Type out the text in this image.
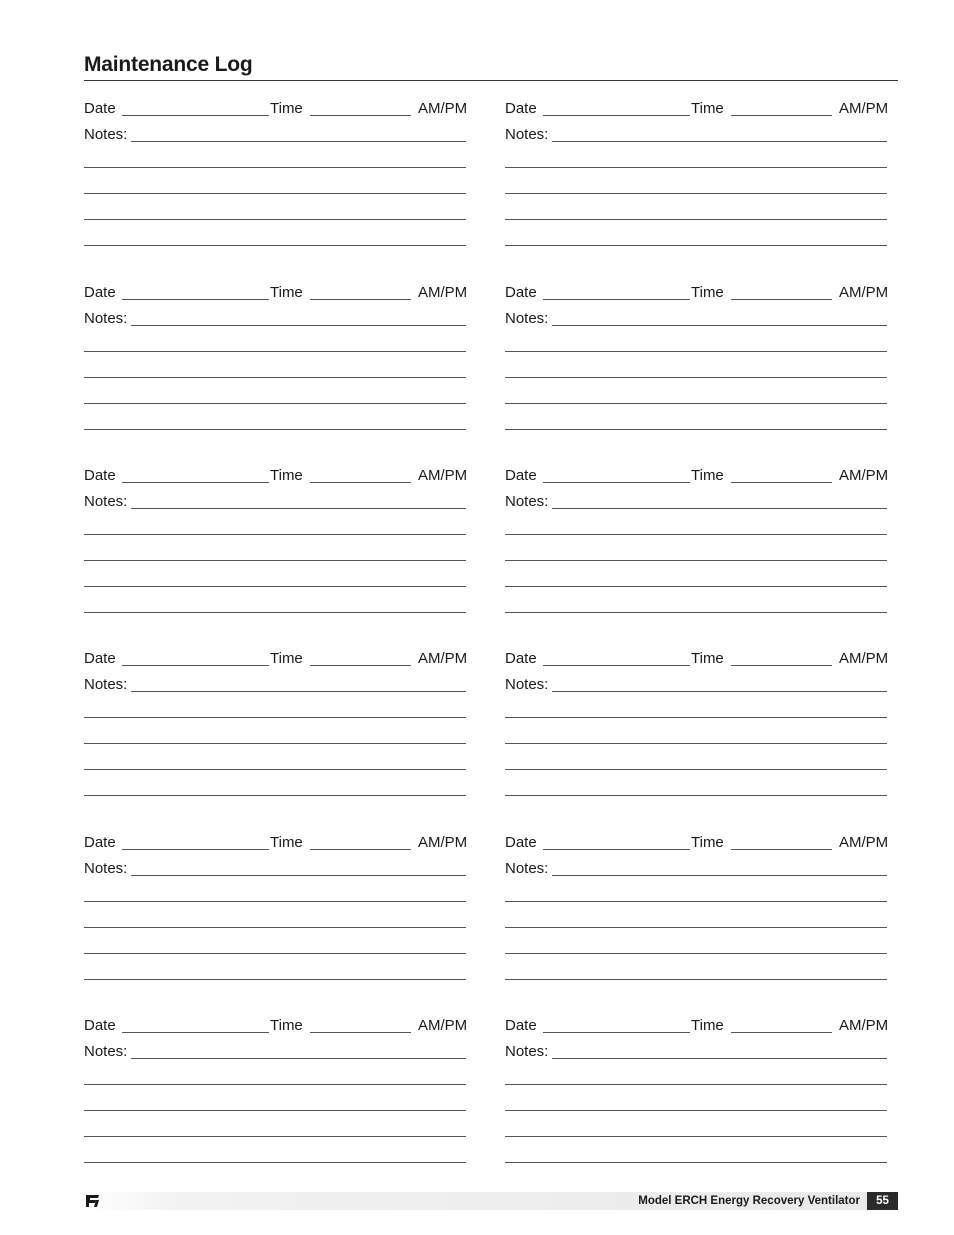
Maintenance Log
Date	Time	AM/PM
Notes:
Date	Time	AM/PM
Notes:
Date	Time	AM/PM
Notes:
Date	Time	AM/PM
Notes:
Date	Time	AM/PM
Notes:
Date	Time	AM/PM
Notes:
Date	Time	AM/PM
Notes:
Date	Time	AM/PM
Notes:
Date	Time	AM/PM
Notes:
Date	Time	AM/PM
Notes:
Date	Time	AM/PM
Notes:
Date	Time	AM/PM
Notes:
Model ERCH Energy Recovery Ventilator	55
